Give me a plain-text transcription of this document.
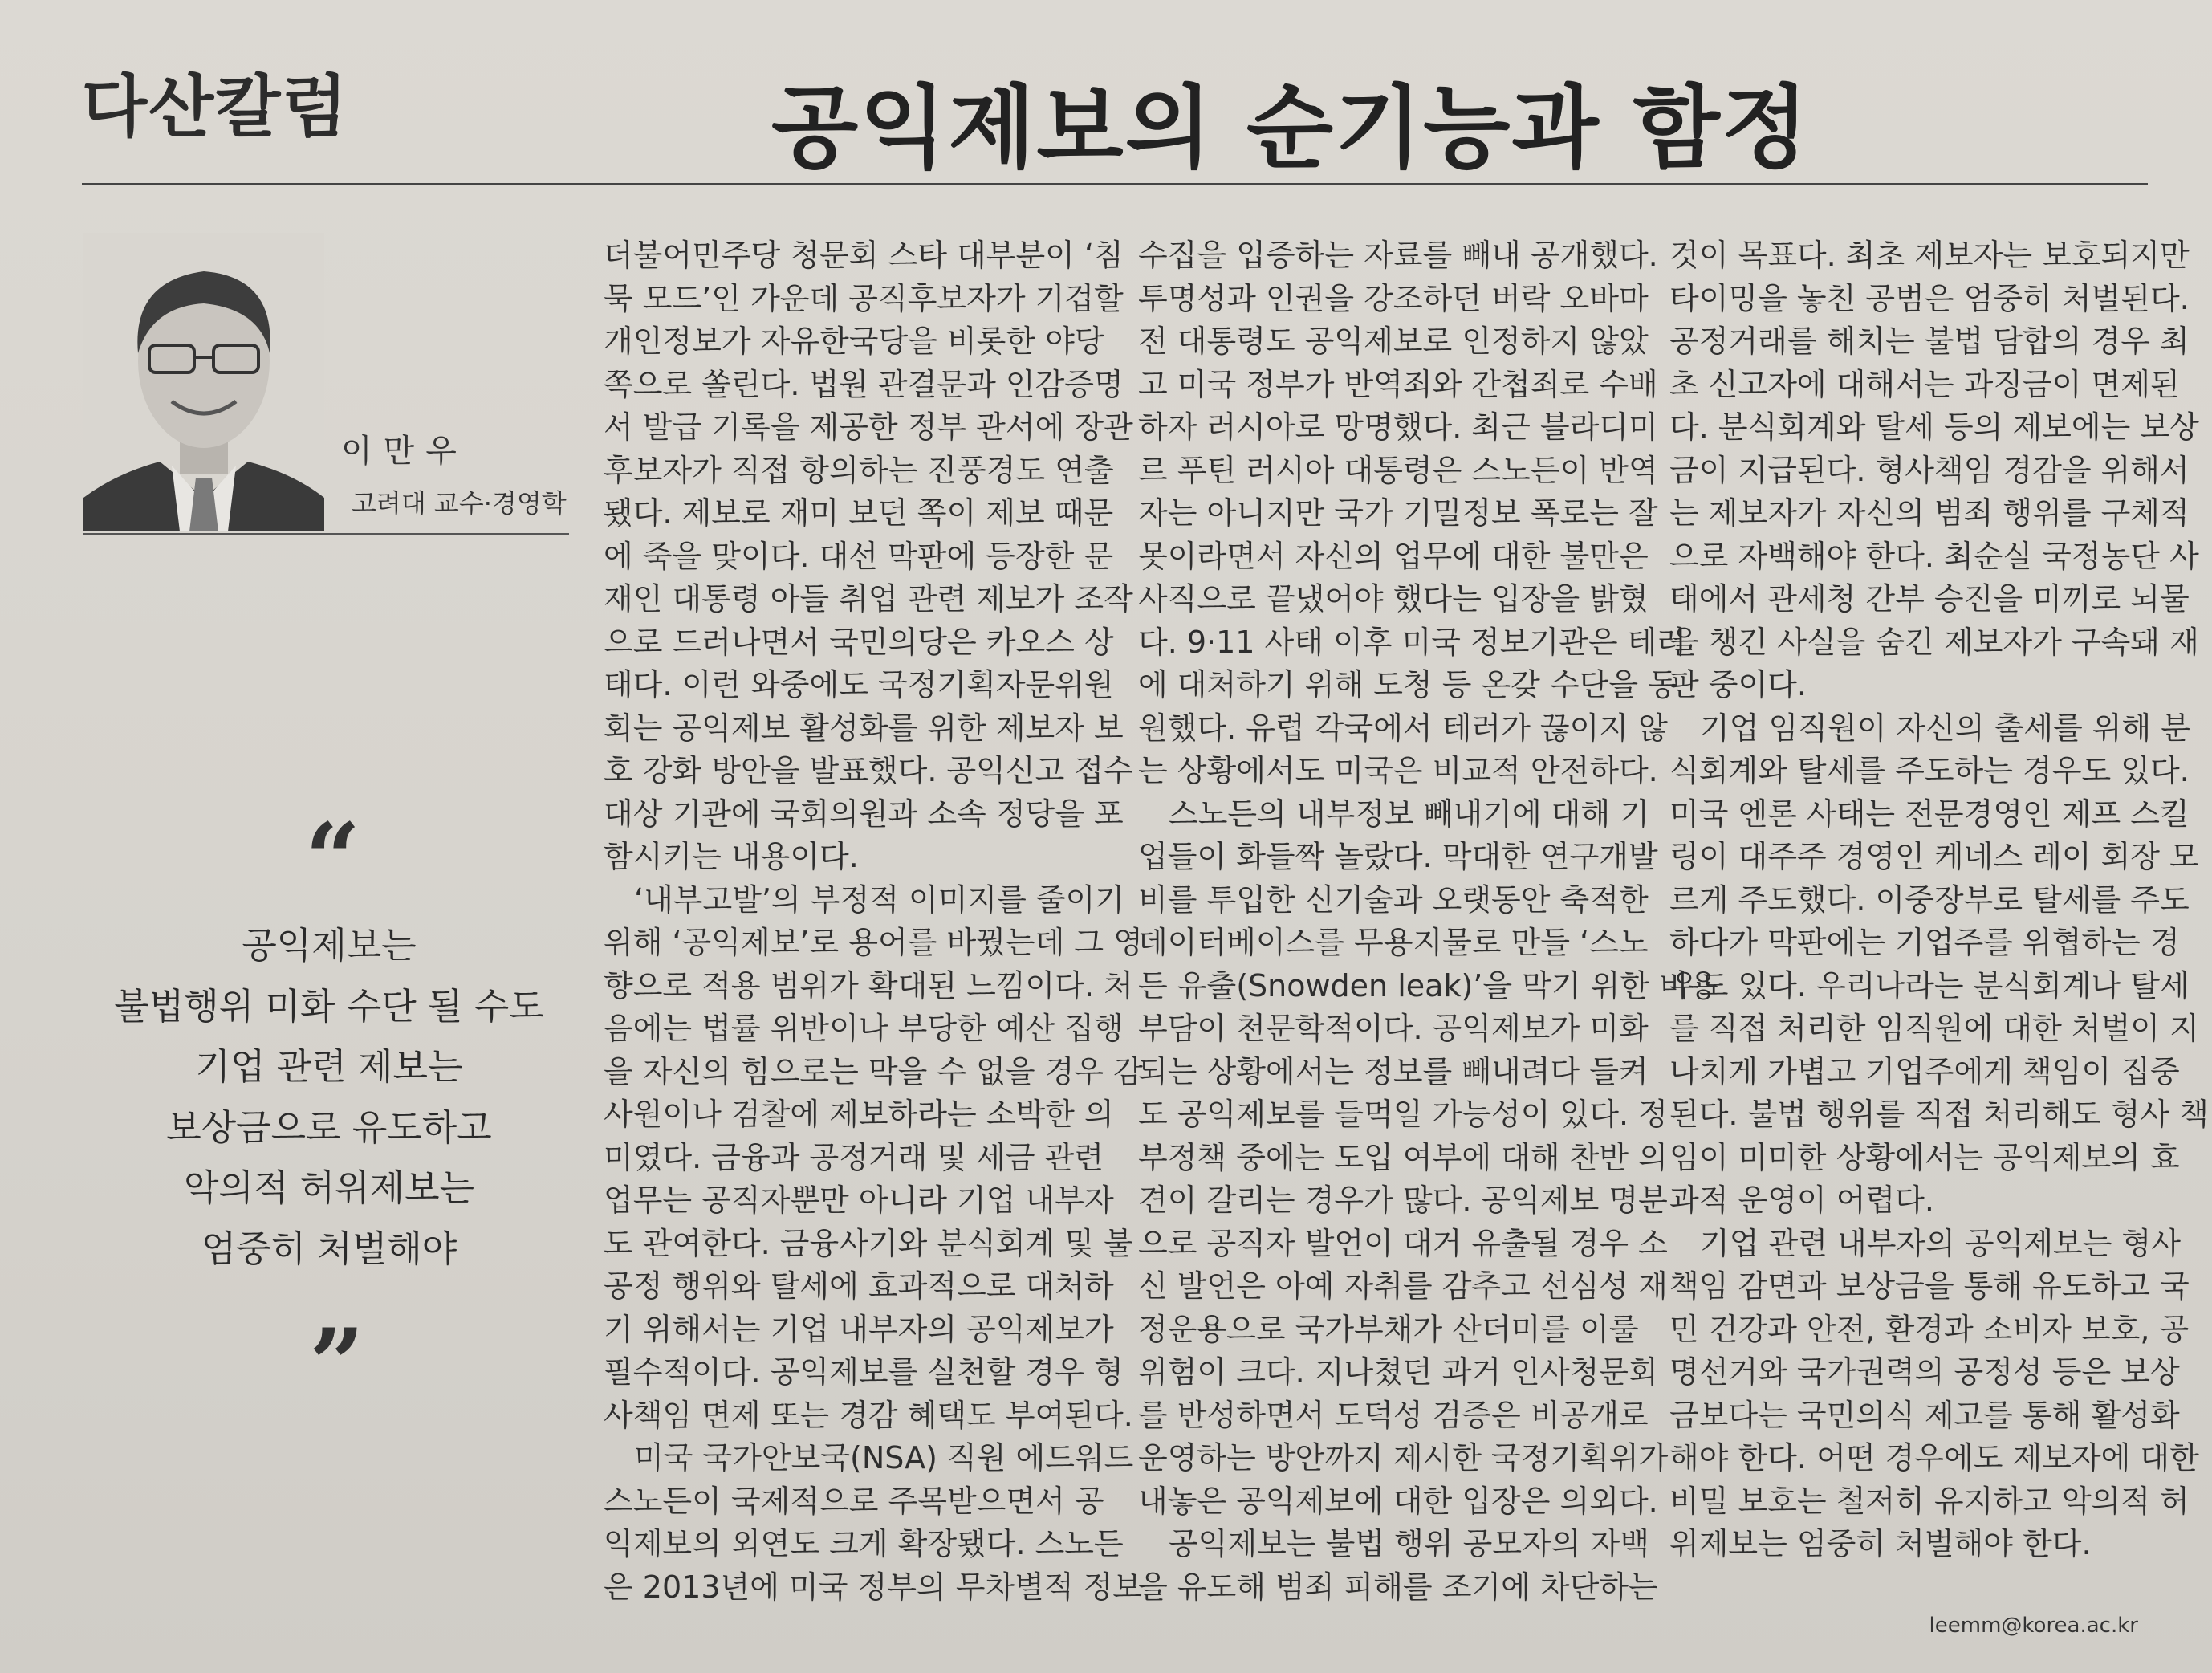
다산칼럼	공익제보의 순기능과 함정
이만우
고려대 교수·경영학
“
공익제보는
불법행위 미화 수단 될 수도
기업 관련 제보는
보상금으로 유도하고
악의적 허위제보는
엄중히 처벌해야
”
더불어민주당 청문회 스타 대부분이 ‘침
묵 모드’인 가운데 공직후보자가 기겁할
개인정보가 자유한국당을 비롯한 야당
쪽으로 쏠린다. 법원 관결문과 인감증명
서 발급 기록을 제공한 정부 관서에 장관
후보자가 직접 항의하는 진풍경도 연출
됐다. 제보로 재미 보던 쪽이 제보 때문
에 죽을 맞이다. 대선 막판에 등장한 문
재인 대통령 아들 취업 관련 제보가 조작
으로 드러나면서 국민의당은 카오스 상
태다. 이런 와중에도 국정기획자문위원
회는 공익제보 활성화를 위한 제보자 보
호 강화 방안을 발표했다. 공익신고 접수
대상 기관에 국회의원과 소속 정당을 포
함시키는 내용이다.
‘내부고발’의 부정적 이미지를 줄이기
위해 ‘공익제보’로 용어를 바꿨는데 그 영
향으로 적용 범위가 확대된 느낌이다. 처
음에는 법률 위반이나 부당한 예산 집행
을 자신의 힘으로는 막을 수 없을 경우 감
사원이나 검찰에 제보하라는 소박한 의
미였다. 금융과 공정거래 및 세금 관련
업무는 공직자뿐만 아니라 기업 내부자
도 관여한다. 금융사기와 분식회계 및 불
공정 행위와 탈세에 효과적으로 대처하
기 위해서는 기업 내부자의 공익제보가
필수적이다. 공익제보를 실천할 경우 형
사책임 면제 또는 경감 혜택도 부여된다.
미국 국가안보국(NSA) 직원 에드워드
스노든이 국제적으로 주목받으면서 공
익제보의 외연도 크게 확장됐다. 스노든
은 2013년에 미국 정부의 무차별적 정보
수집을 입증하는 자료를 빼내 공개했다.
투명성과 인권을 강조하던 버락 오바마
전 대통령도 공익제보로 인정하지 않았
고 미국 정부가 반역죄와 간첩죄로 수배
하자 러시아로 망명했다. 최근 블라디미
르 푸틴 러시아 대통령은 스노든이 반역
자는 아니지만 국가 기밀정보 폭로는 잘
못이라면서 자신의 업무에 대한 불만은
사직으로 끝냈어야 했다는 입장을 밝혔
다. 9·11 사태 이후 미국 정보기관은 테러
에 대처하기 위해 도청 등 온갖 수단을 동
원했다. 유럽 각국에서 테러가 끊이지 않
는 상황에서도 미국은 비교적 안전하다.
스노든의 내부정보 빼내기에 대해 기
업들이 화들짝 놀랐다. 막대한 연구개발
비를 투입한 신기술과 오랫동안 축적한
데이터베이스를 무용지물로 만들 ‘스노
든 유출(Snowden leak)’을 막기 위한 비용
부담이 천문학적이다. 공익제보가 미화
되는 상황에서는 정보를 빼내려다 들켜
도 공익제보를 들먹일 가능성이 있다. 정
부정책 중에는 도입 여부에 대해 찬반 의
견이 갈리는 경우가 많다. 공익제보 명분
으로 공직자 발언이 대거 유출될 경우 소
신 발언은 아예 자취를 감추고 선심성 재
정운용으로 국가부채가 산더미를 이룰
위험이 크다. 지나쳤던 과거 인사청문회
를 반성하면서 도덕성 검증은 비공개로
운영하는 방안까지 제시한 국정기획위가
내놓은 공익제보에 대한 입장은 의외다.
공익제보는 불법 행위 공모자의 자백
을 유도해 범죄 피해를 조기에 차단하는
것이 목표다. 최초 제보자는 보호되지만
타이밍을 놓친 공범은 엄중히 처벌된다.
공정거래를 해치는 불법 담합의 경우 최
초 신고자에 대해서는 과징금이 면제된
다. 분식회계와 탈세 등의 제보에는 보상
금이 지급된다. 형사책임 경감을 위해서
는 제보자가 자신의 범죄 행위를 구체적
으로 자백해야 한다. 최순실 국정농단 사
태에서 관세청 간부 승진을 미끼로 뇌물
을 챙긴 사실을 숨긴 제보자가 구속돼 재
판 중이다.
기업 임직원이 자신의 출세를 위해 분
식회계와 탈세를 주도하는 경우도 있다.
미국 엔론 사태는 전문경영인 제프 스킬
링이 대주주 경영인 케네스 레이 회장 모
르게 주도했다. 이중장부로 탈세를 주도
하다가 막판에는 기업주를 위협하는 경
우도 있다. 우리나라는 분식회계나 탈세
를 직접 처리한 임직원에 대한 처벌이 지
나치게 가볍고 기업주에게 책임이 집중
된다. 불법 행위를 직접 처리해도 형사 책
임이 미미한 상황에서는 공익제보의 효
과적 운영이 어렵다.
기업 관련 내부자의 공익제보는 형사
책임 감면과 보상금을 통해 유도하고 국
민 건강과 안전, 환경과 소비자 보호, 공
명선거와 국가권력의 공정성 등은 보상
금보다는 국민의식 제고를 통해 활성화
해야 한다. 어떤 경우에도 제보자에 대한
비밀 보호는 철저히 유지하고 악의적 허
위제보는 엄중히 처벌해야 한다.
leemm@korea.ac.kr
